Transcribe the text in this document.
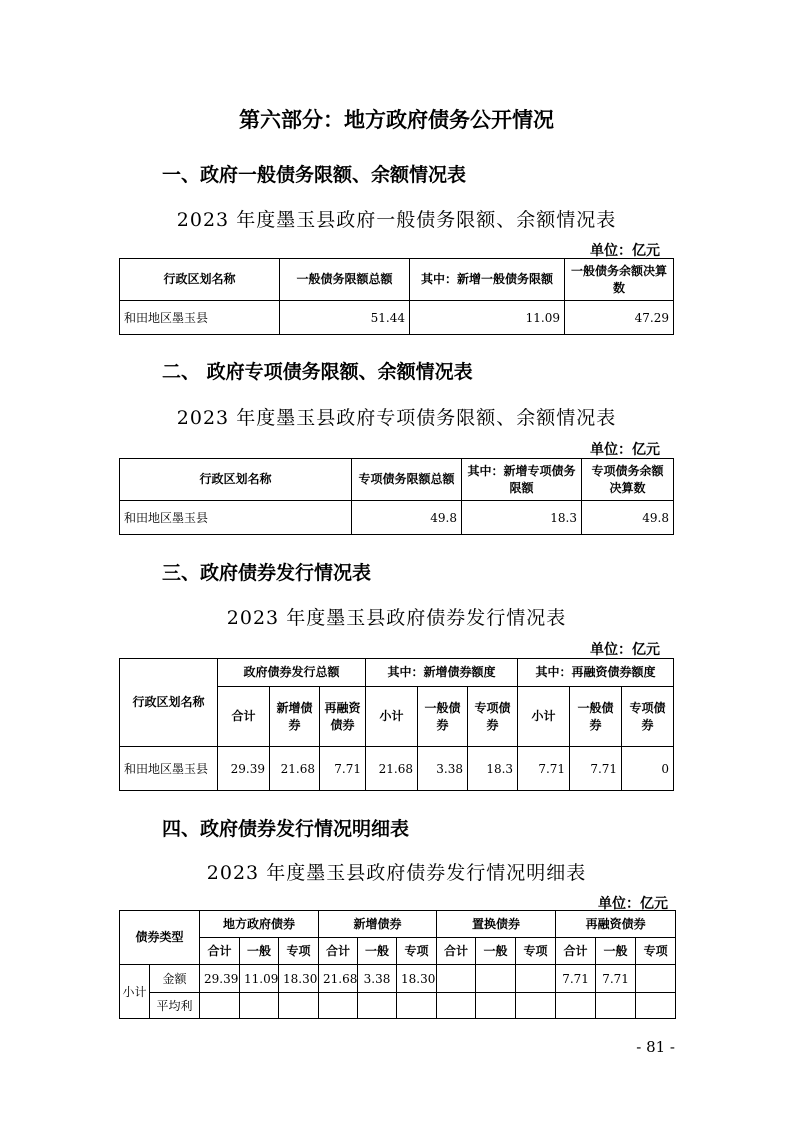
第六部分：地方政府债务公开情况
一、政府一般债务限额、余额情况表
2023 年度墨玉县政府一般债务限额、余额情况表
单位：亿元
行政区划名称	一般债务限额总额	其中：新增一般债务限额	一般债务余额决算数
和田地区墨玉县	51.44	11.09	47.29
二、 政府专项债务限额、余额情况表
2023 年度墨玉县政府专项债务限额、余额情况表
单位：亿元
行政区划名称	专项债务限额总额	其中：新增专项债务限额	专项债务余额决算数
和田地区墨玉县	49.8	18.3	49.8
三、政府债券发行情况表
2023 年度墨玉县政府债券发行情况表
单位：亿元
行政区划名称	政府债券发行总额			其中：新增债券额度			其中：再融资债券额度		
	合计	新增债券	再融资债券	小计	一般债券	专项债券	小计	一般债券	专项债券
和田地区墨玉县	29.39	21.68	7.71	21.68	3.38	18.3	7.71	7.71	0
四、政府债券发行情况明细表
2023 年度墨玉县政府债券发行情况明细表
单位：亿元
债券类型		地方政府债券			新增债券			置换债券			再融资债券		
		合计	一般	专项	合计	一般	专项	合计	一般	专项	合计	一般	专项
小计	金额	29.39	11.09	18.30	21.68	3.38	18.30				7.71	7.71	
	平均利												
- 81 -
